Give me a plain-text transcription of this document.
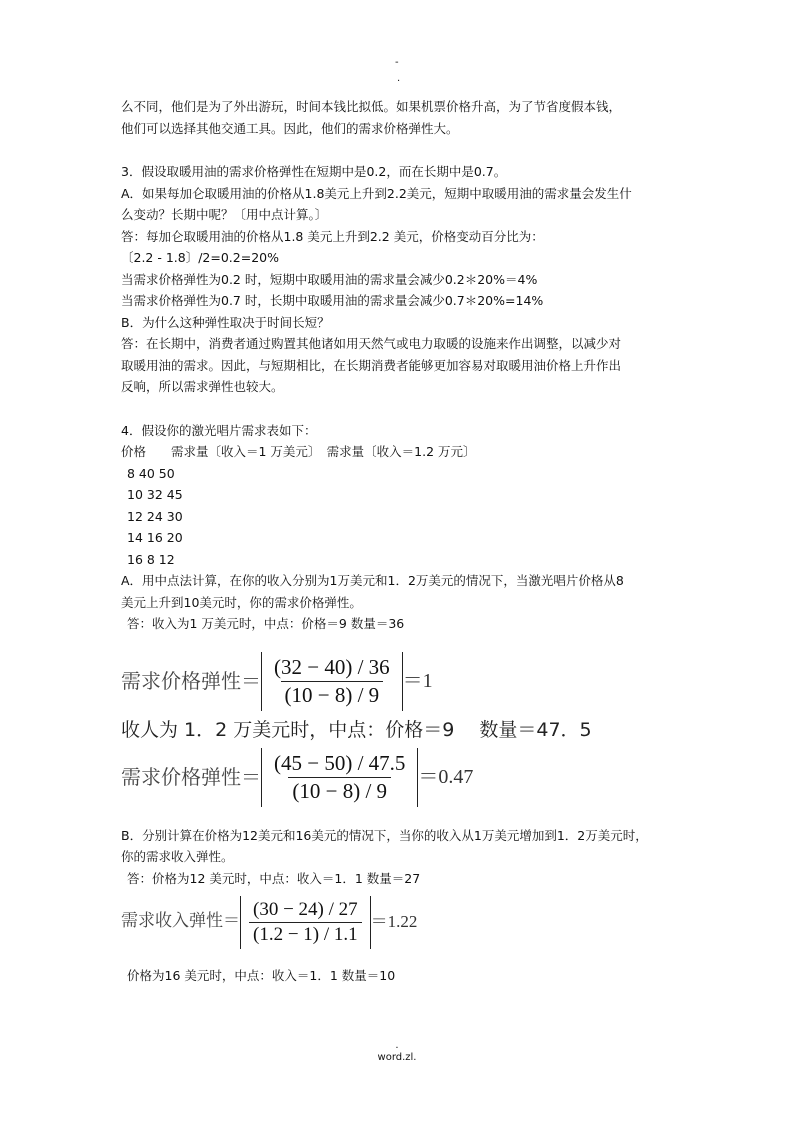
-
.

么不同，他们是为了外出游玩，时间本钱比拟低。如果机票价格升高，为了节省度假本钱，

他们可以选择其他交通工具。因此，他们的需求价格弹性大。

3．假设取暖用油的需求价格弹性在短期中是0.2，而在长期中是0.7。

A．如果每加仑取暖用油的价格从1.8美元上升到2.2美元，短期中取暖用油的需求量会发生什

么变动？长期中呢？〔用中点计算。〕

答：每加仑取暖用油的价格从1.8 美元上升到2.2 美元，价格变动百分比为：

〔2.2 - 1.8〕/2=0.2=20%

当需求价格弹性为0.2 时，短期中取暖用油的需求量会减少0.2＊20%＝4%

当需求价格弹性为0.7 时，长期中取暖用油的需求量会减少0.7＊20%=14%

B．为什么这种弹性取决于时间长短？

答：在长期中，消费者通过购置其他诸如用天然气或电力取暖的设施来作出调整，以减少对

取暖用油的需求。因此，与短期相比，在长期消费者能够更加容易对取暖用油价格上升作出

反响，所以需求弹性也较大。

4．假设你的激光唱片需求表如下：

价格　　需求量〔收入＝1 万美元〕　需求量〔收入＝1.2 万元〕

8 40 50

10 32 45

12 24 30

14 16 20

16 8 12

A．用中点法计算，在你的收入分别为1万美元和1．2万美元的情况下，当激光唱片价格从8

美元上升到10美元时，你的需求价格弹性。

答：收入为1 万美元时，中点：价格＝9 数量＝36

需求价格弹性＝ $\frac{(32 - 40) / 36}{(10 - 8) / 9} =1$

收人为 1．2 万美元时，中点：价格＝9　 数量＝47．5

需求价格弹性＝ $\frac{(45 - 50) / 47.5}{(10 - 8) / 9} =0.47$

B．分别计算在价格为12美元和16美元的情况下，当你的收入从1万美元增加到1．2万美元时，

你的需求收入弹性。

答：价格为12 美元时，中点：收入＝1．1 数量＝27

需求收入弹性＝ $\frac{(30 - 24) / 27}{(1.2 - 1) / 1.1} =1.22$

价格为16 美元时，中点：收入＝1．1 数量＝10

.
word.zl.
